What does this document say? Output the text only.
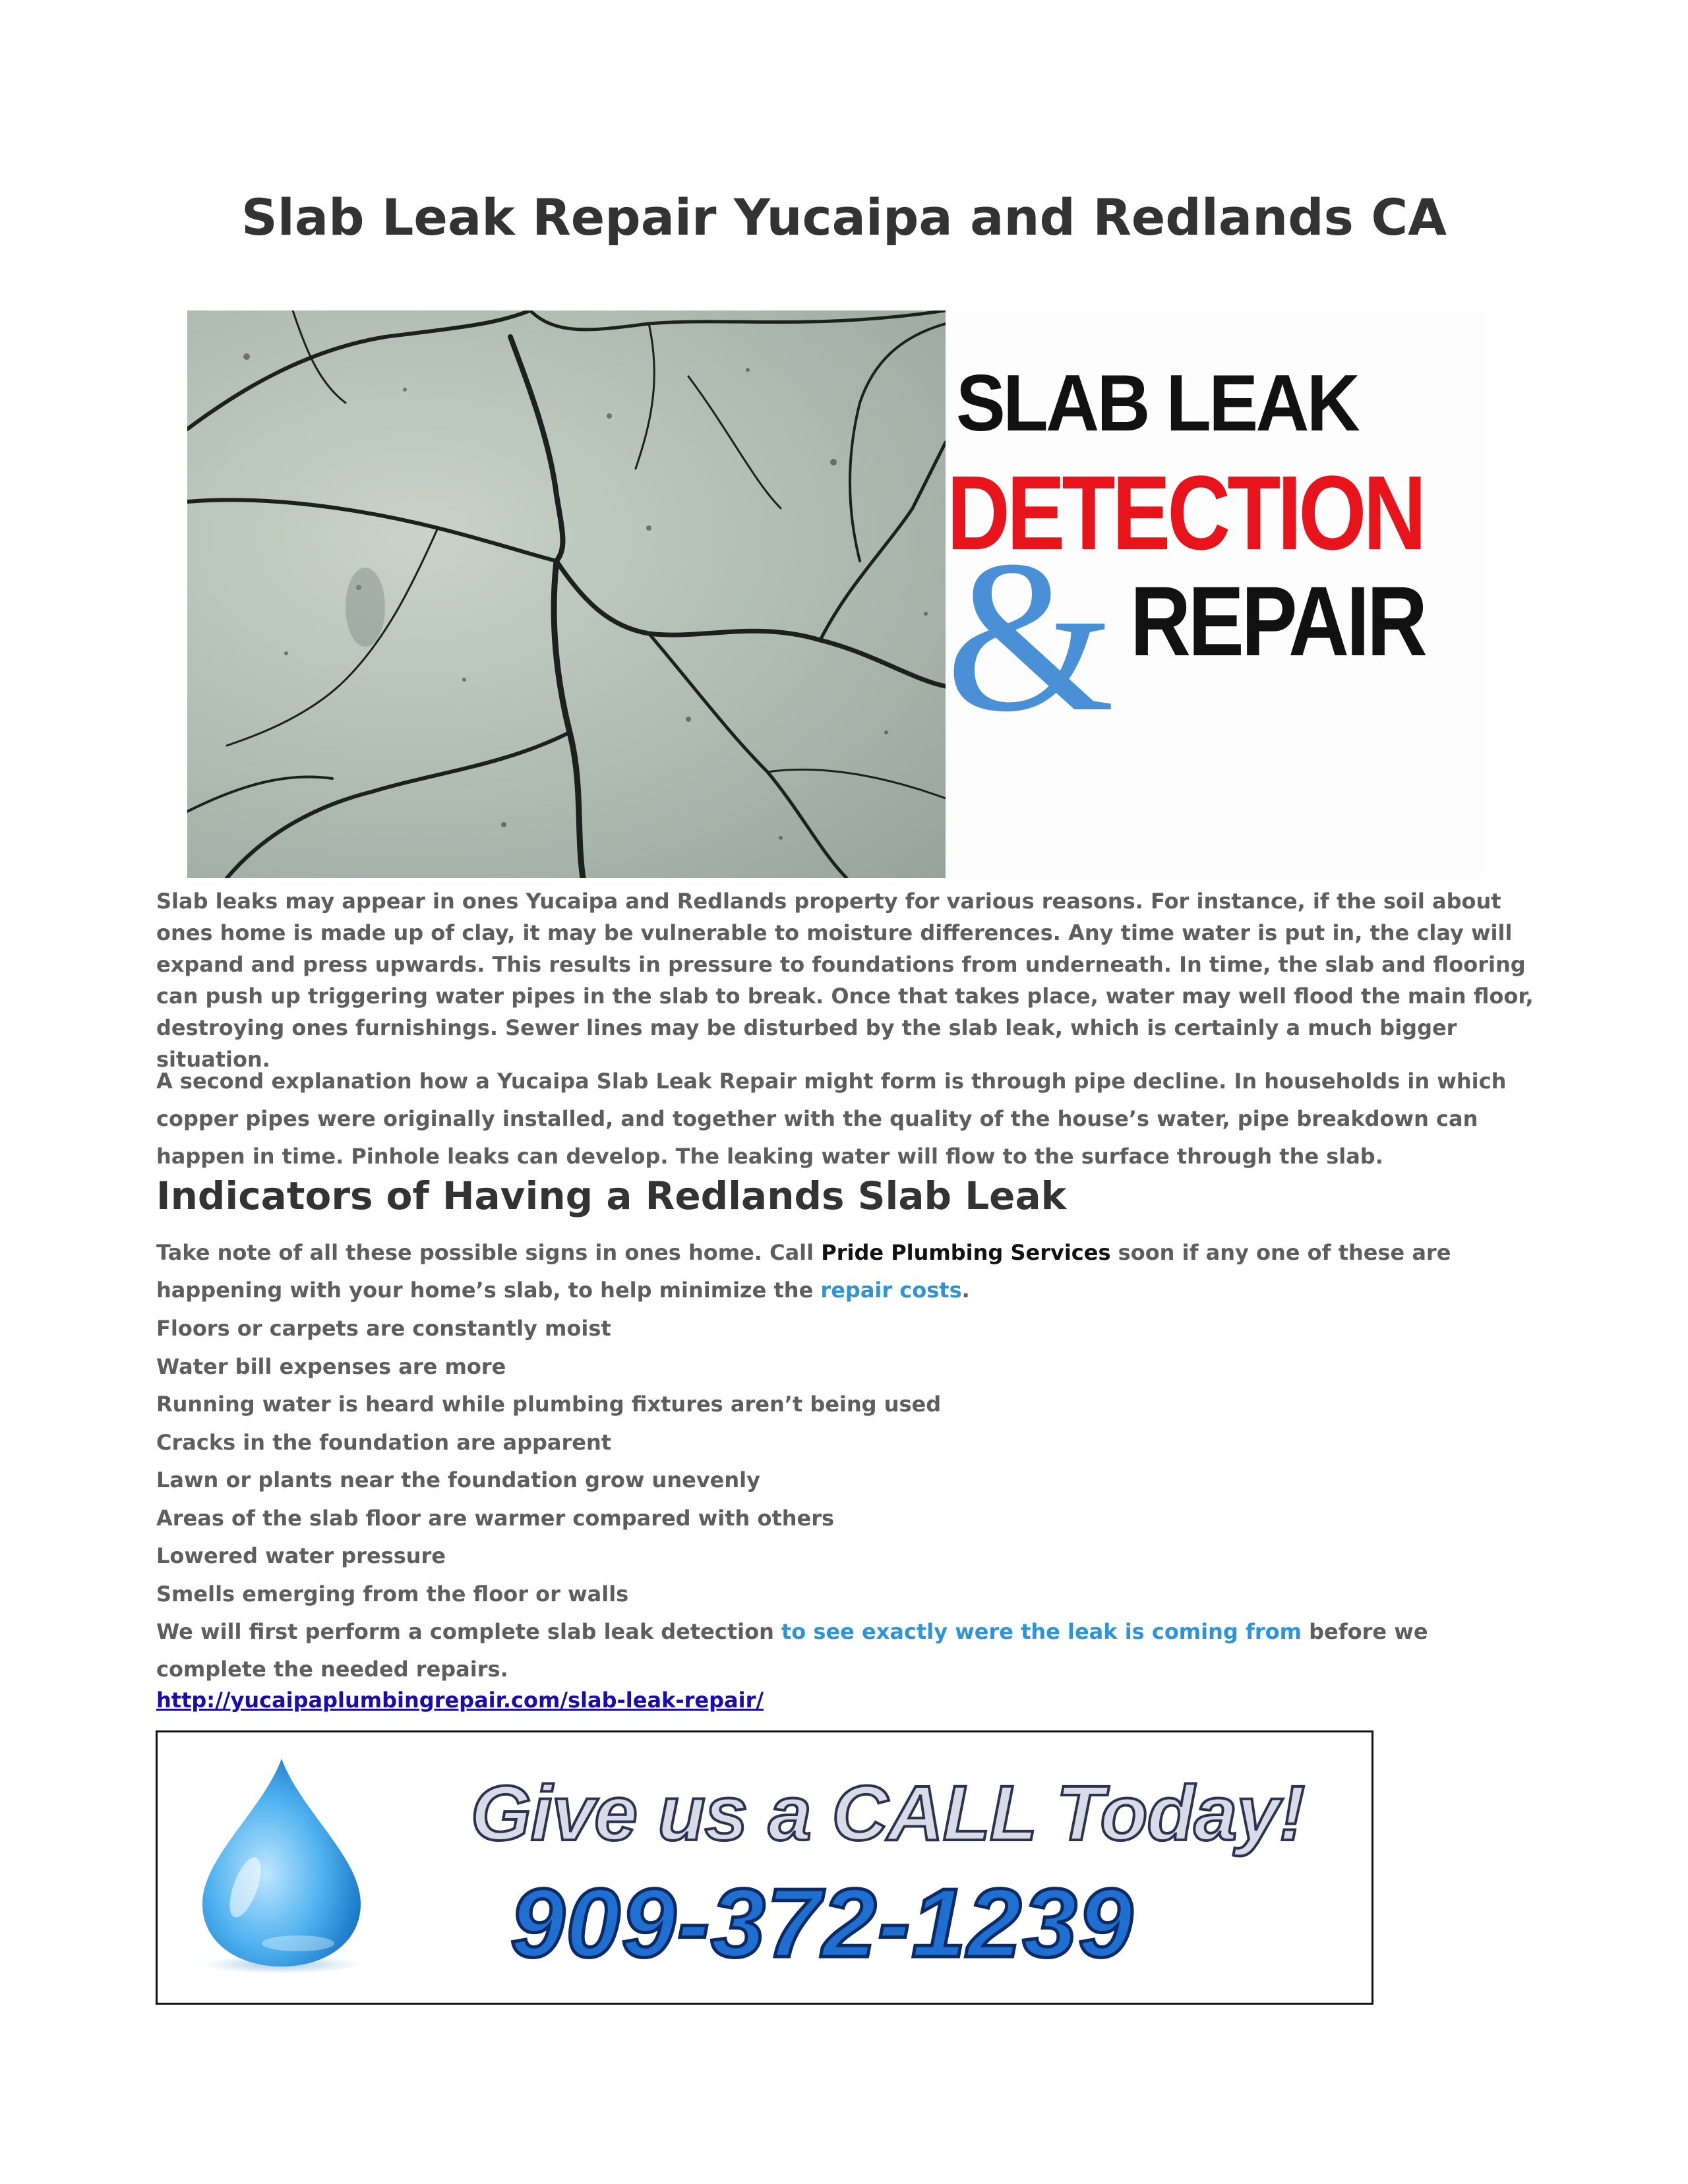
Slab Leak Repair Yucaipa and Redlands CA
SLAB LEAK
DETECTION
& REPAIR

Slab leaks may appear in ones Yucaipa and Redlands property for various reasons. For instance, if the soil about ones home is made up of clay, it may be vulnerable to moisture differences. Any time water is put in, the clay will expand and press upwards. This results in pressure to foundations from underneath. In time, the slab and flooring can push up triggering water pipes in the slab to break. Once that takes place, water may well flood the main floor, destroying ones furnishings. Sewer lines may be disturbed by the slab leak, which is certainly a much bigger situation.

A second explanation how a Yucaipa Slab Leak Repair might form is through pipe decline. In households in which copper pipes were originally installed, and together with the quality of the house’s water, pipe breakdown can happen in time. Pinhole leaks can develop. The leaking water will flow to the surface through the slab.

Indicators of Having a Redlands Slab Leak

Take note of all these possible signs in ones home. Call Pride Plumbing Services soon if any one of these are happening with your home’s slab, to help minimize the repair costs.

Floors or carpets are constantly moist
Water bill expenses are more
Running water is heard while plumbing fixtures aren’t being used
Cracks in the foundation are apparent
Lawn or plants near the foundation grow unevenly
Areas of the slab floor are warmer compared with others
Lowered water pressure
Smells emerging from the floor or walls

We will first perform a complete slab leak detection to see exactly were the leak is coming from before we complete the needed repairs.

http://yucaipaplumbingrepair.com/slab-leak-repair/
Give us a CALL Today!
909-372-1239
